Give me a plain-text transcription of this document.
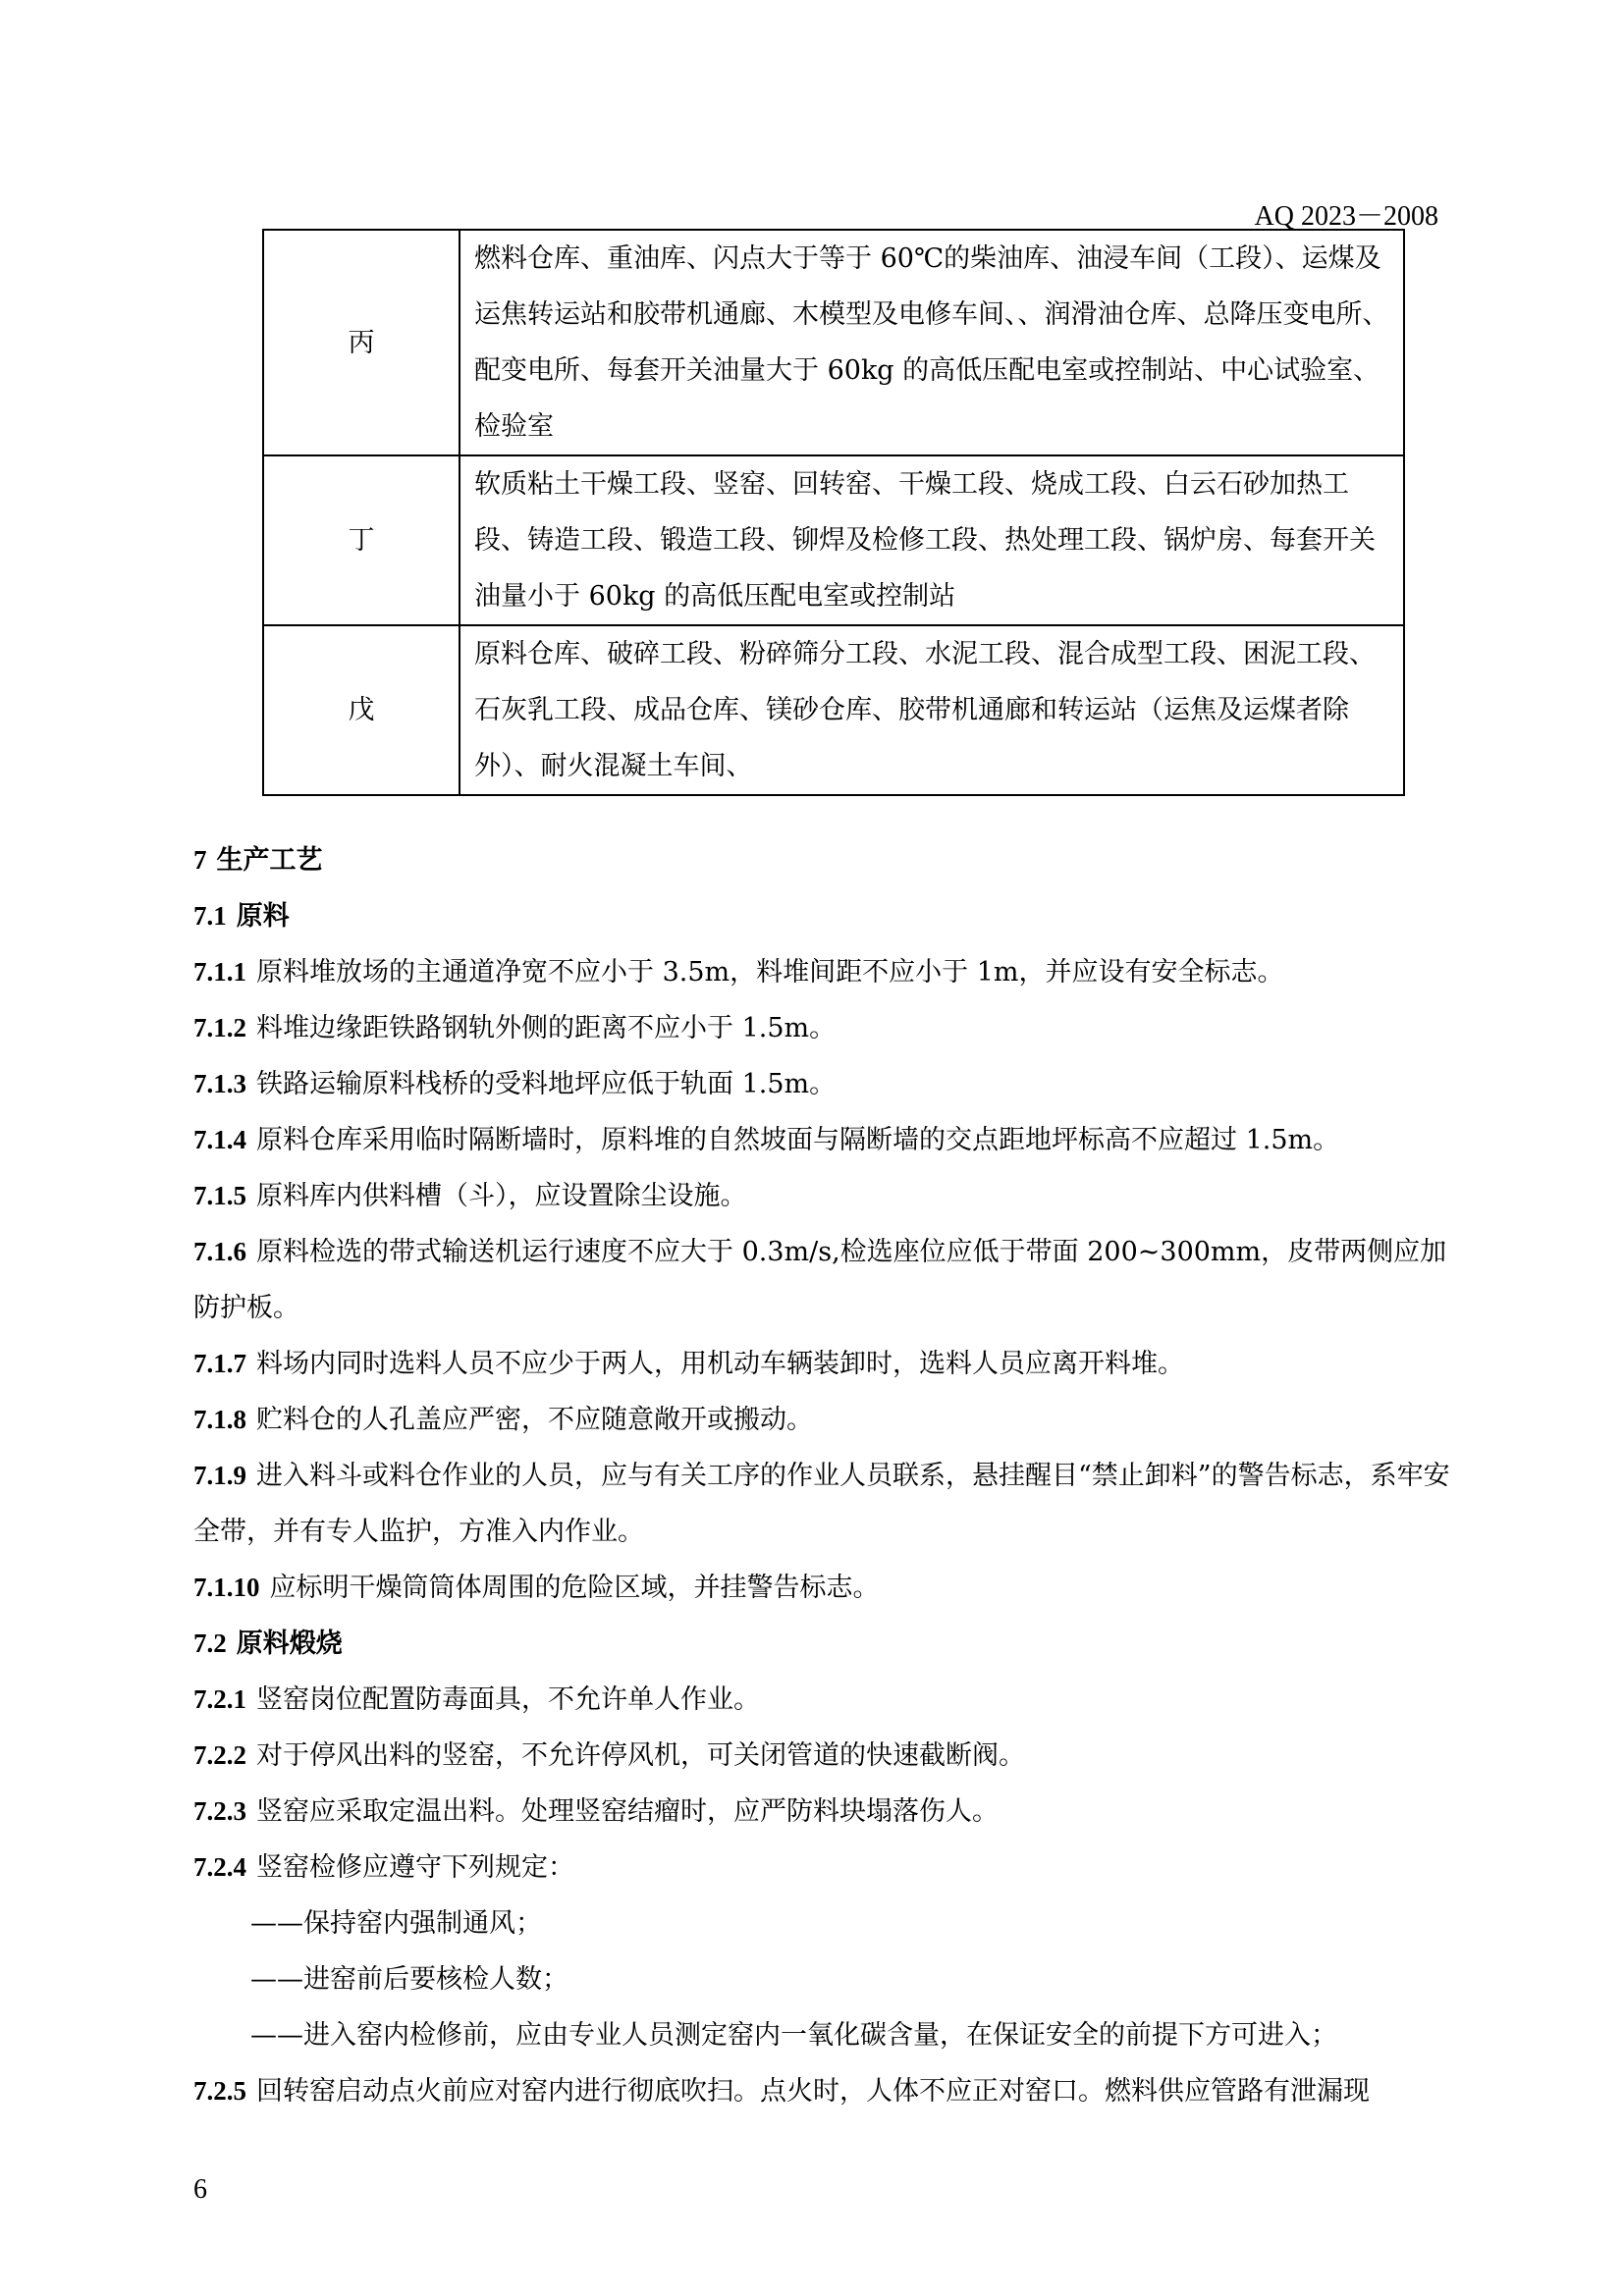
AQ 2023－2008
丙	燃料仓库、重油库、闪点大于等于 60℃的柴油库、油浸车间（工段）、运煤及运焦转运站和胶带机通廊、木模型及电修车间、、润滑油仓库、总降压变电所、配变电所、每套开关油量大于 60kg 的高低压配电室或控制站、中心试验室、检验室
丁	软质粘土干燥工段、竖窑、回转窑、干燥工段、烧成工段、白云石砂加热工段、铸造工段、锻造工段、铆焊及检修工段、热处理工段、锅炉房、每套开关油量小于 60kg 的高低压配电室或控制站
戊	原料仓库、破碎工段、粉碎筛分工段、水泥工段、混合成型工段、困泥工段、石灰乳工段、成品仓库、镁砂仓库、胶带机通廊和转运站（运焦及运煤者除外）、耐火混凝土车间、

7 生产工艺

7.1 原料

7.1.1 原料堆放场的主通道净宽不应小于 3.5m，料堆间距不应小于 1m，并应设有安全标志。

7.1.2 料堆边缘距铁路钢轨外侧的距离不应小于 1.5m。

7.1.3 铁路运输原料栈桥的受料地坪应低于轨面 1.5m。

7.1.4 原料仓库采用临时隔断墙时，原料堆的自然坡面与隔断墙的交点距地坪标高不应超过 1.5m。

7.1.5 原料库内供料槽（斗），应设置除尘设施。

7.1.6 原料检选的带式输送机运行速度不应大于 0.3m/s,检选座位应低于带面 200~300mm，皮带两侧应加防护板。

7.1.7 料场内同时选料人员不应少于两人，用机动车辆装卸时，选料人员应离开料堆。

7.1.8 贮料仓的人孔盖应严密，不应随意敞开或搬动。

7.1.9 进入料斗或料仓作业的人员，应与有关工序的作业人员联系，悬挂醒目“禁止卸料”的警告标志，系牢安全带，并有专人监护，方准入内作业。

7.1.10 应标明干燥筒筒体周围的危险区域，并挂警告标志。

7.2 原料煅烧

7.2.1 竖窑岗位配置防毒面具，不允许单人作业。

7.2.2 对于停风出料的竖窑，不允许停风机，可关闭管道的快速截断阀。

7.2.3 竖窑应采取定温出料。处理竖窑结瘤时，应严防料块塌落伤人。

7.2.4 竖窑检修应遵守下列规定：

——保持窑内强制通风；

——进窑前后要核检人数；

——进入窑内检修前，应由专业人员测定窑内一氧化碳含量，在保证安全的前提下方可进入；

7.2.5 回转窑启动点火前应对窑内进行彻底吹扫。点火时，人体不应正对窑口。燃料供应管路有泄漏现

6
